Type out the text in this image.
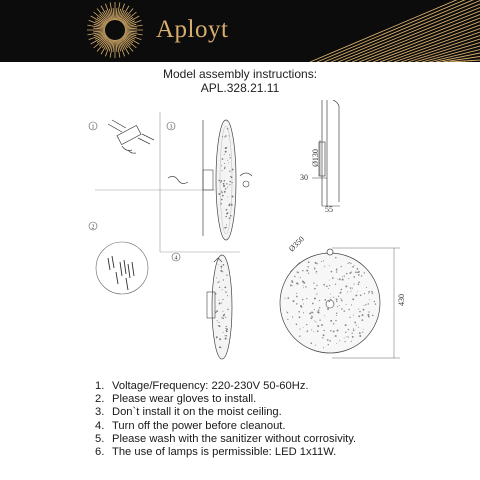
Aployt
Model assembly instructions:
APL.328.21.11
1
2
3
4
Ø130
30
55
Ø350
430
1. Voltage/Frequency: 220-230V 50-60Hz.
2. Please wear gloves to install.
3. Don`t install it on the moist ceiling.
4. Turn off the power before cleanout.
5. Please wash with the sanitizer without corrosivity.
6. The use of lamps is permissible: LED 1x11W.
